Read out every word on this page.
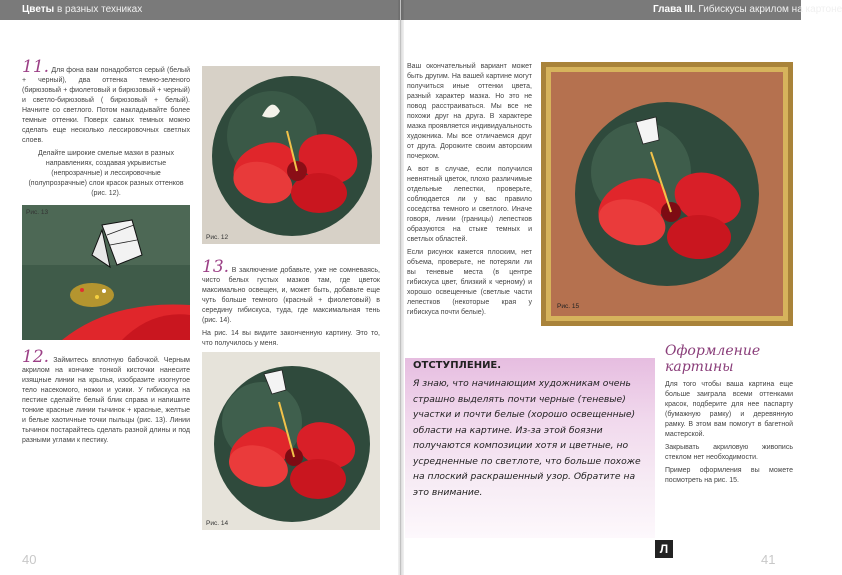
Цветы в разных техниках

11. Для фона вам понадобятся серый (белый + черный), два оттенка темно-зеленого (бирюзовый + фиолетовый и бирюзовый + черный) и светло-бирюзовый ( бирюзовый + белый). Начните со светлого. Потом накладывайте более темные оттенки. Поверх самых темных можно сделать еще несколько лессировочных светлых слоев.

Делайте широкие смелые мазки в разных направлениях, создавая укрывистые (непрозрачные) и лессировочные (полупрозрачные) слои красок разных оттенков (рис. 12).

Рис. 12
Рис. 13

12. Займитесь вплотную бабочкой. Черным акрилом на кончике тонкой кисточки нанесите изящные линии на крылья, изобразите изогнутое тело насекомого, ножки и усики. У гибискуса на пестике сделайте белый блик справа и напишите тонкие красные линии тычинок + красные, желтые и белые хаотичные точки пыльцы (рис. 13). Линии тычинок постарайтесь сделать разной длины и под разными углами к пестику.

13. В заключение добавьте, уже не сомневаясь, чисто белых густых мазков там, где цветок максимально освещен, и, может быть, добавьте еще чуть больше темного (красный + фиолетовый) в середину гибискуса, туда, где максимальная тень (рис. 14).

На рис. 14 вы видите законченную картину. Это то, что получилось у меня.

Рис. 14
40
Глава III. Гибискусы акрилом на картоне

Ваш окончательный вариант может быть другим. На вашей картине могут получиться иные оттенки цвета, разный характер мазка. Но это не повод расстраиваться. Мы все не похожи друг на друга. В характере мазка проявляется индивидуальность художника. Мы все отличаемся друг от друга. Дорожите своим авторским почерком.

А вот в случае, если получился невнятный цветок, плохо различимые отдельные лепестки, проверьте, соблюдается ли у вас правило соседства темного и светлого. Иначе говоря, линии (границы) лепестков образуются на стыке темных и светлых областей.

Если рисунок кажется плоским, нет объема, проверьте, не потеряли ли вы теневые места (в центре гибискуса цвет, близкий к черному) и хорошо освещенные (светлые части лепестков (некоторые края у гибискуса почти белые).

Рис. 15
Оформление
картины

Для того чтобы ваша картина еще больше заиграла всеми оттенками красок, подберите для нее паспарту (бумажную рамку) и деревянную рамку. В этом вам помогут в багетной мастерской.

Закрывать акриловую живопись стеклом нет необходимости.

Пример оформления вы можете посмотреть на рис. 15.

ОТСТУПЛЕНИЕ.
Я знаю, что начинающим художникам очень страшно выделять почти черные (теневые) участки и почти белые (хорошо освещенные) области на картине. Из-за этой боязни получаются композиции хотя и цветные, но усредненные по светлоте, что больше похоже на плоский раскрашенный узор. Обратите на это внимание.
41
Л
